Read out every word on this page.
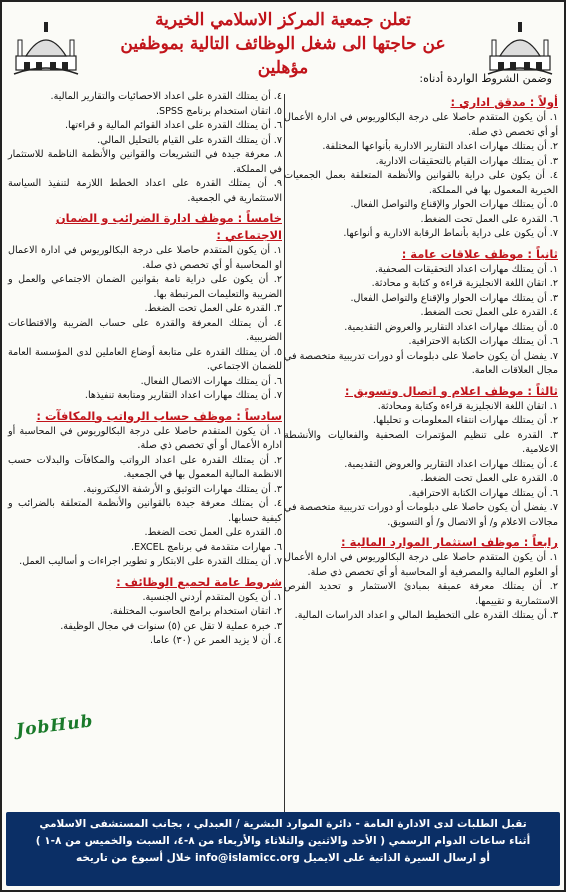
تعلن جمعية المركز الاسلامي الخيرية
عن حاجتها الى شغل الوظائف التالية بموظفين مؤهلين
وضمن الشروط الواردة أدناه:
أولاً : مدقق اداري :
١. أن يكون المتقدم حاصلا على درجة البكالوريوس في ادارة الأعمال أو أي تخصص ذي صلة.
٢. أن يمتلك مهارات اعداد التقارير الادارية بأنواعها المختلفة.
٣. أن يمتلك مهارات القيام بالتحقيقات الادارية.
٤. أن يكون على دراية بالقوانين والأنظمة المتعلقة بعمل الجمعيات الخيرية المعمول بها في المملكة.
٥. أن يمتلك مهارات الحوار والإقناع والتواصل الفعال.
٦. القدرة على العمل تحت الضغط.
٧. أن يكون على دراية بأنماط الرقابة الادارية و أنواعها.
ثانياً : موظف علاقات عامة :
١. أن يمتلك مهارات اعداد التحقيقات الصحفية.
٢. اتقان اللغة الانجليزية قراءة و كتابة و محادثة.
٣. أن يمتلك مهارات الحوار والإقناع والتواصل الفعال.
٤. القدرة على العمل تحت الضغط.
٥. أن يمتلك مهارات اعداد التقارير والعروض التقديمية.
٦. أن يمتلك مهارات الكتابة الاحترافية.
٧. يفضل أن يكون حاصلا على دبلومات أو دورات تدريبية متخصصة في مجال العلاقات العامة.
ثالثاً : موظف اعلام و اتصال وتسويق :
١. اتقان اللغة الانجليزية قراءة وكتابة ومحادثة.
٢. أن يمتلك مهارات انتقاء المعلومات و تحليلها.
٣. القدرة على تنظيم المؤتمرات الصحفية والفعاليات والأنشطة الاعلامية.
٤. أن يمتلك مهارات اعداد التقارير والعروض التقديمية.
٥. القدرة على العمل تحت الضغط.
٦. أن يمتلك مهارات الكتابة الاحترافية.
٧. يفضل أن يكون حاصلا على دبلومات أو دورات تدريبية متخصصة في مجالات الاعلام و/ أو الاتصال و/ أو التسويق.
رابعاً : موظف استثمار الموارد المالية :
١. أن يكون المتقدم حاصلا على درجة البكالوريوس في ادارة الأعمال أو العلوم المالية والمصرفية أو المحاسبة أو أي تخصص ذي صلة.
٢. أن يمتلك معرفة عميقة بمبادئ الاستثمار و تحديد الفرص الاستثمارية و تقييمها.
٣. أن يمتلك القدرة على التخطيط المالي و اعداد الدراسات المالية.
٤. أن يمتلك القدرة على اعداد الاحصائيات والتقارير المالية.
٥. اتقان استخدام برنامج SPSS.
٦. أن يمتلك القدرة على اعداد القوائم المالية و قراءتها.
٧. أن يمتلك القدرة على القيام بالتحليل المالي.
٨. معرفة جيدة في التشريعات والقوانين والأنظمة الناظمة للاستثمار في المملكة.
٩. أن يمتلك القدرة على اعداد الخطط اللازمة لتنفيذ السياسة الاستثمارية في الجمعية.
خامساً : موظف ادارة الضرائب و الضمان الاجتماعي :
١. أن يكون المتقدم حاصلا على درجة البكالوريوس في ادارة الاعمال او المحاسبة أو أي تخصص ذي صلة.
٢. أن يكون على دراية تامة بقوانين الضمان الاجتماعي والعمل و الضريبة والتعليمات المرتبطة بها.
٣. القدرة على العمل تحت الضغط.
٤. أن يمتلك المعرفة والقدرة على حساب الضريبة والاقتطاعات الضريبية.
٥. أن يمتلك القدرة على متابعة أوضاع العاملين لدى المؤسسة العامة للضمان الاجتماعي.
٦. أن يمتلك مهارات الاتصال الفعال.
٧. أن يمتلك مهارات اعداد التقارير ومتابعة تنفيذها.
سادساً : موظف حساب الرواتب والمكافآت :
١. أن يكون المتقدم حاصلا على درجة البكالوريوس في المحاسبة أو ادارة الأعمال أو أي تخصص ذي صلة.
٢. أن يمتلك القدرة على اعداد الرواتب والمكافآت والبدلات حسب الانظمة المالية المعمول بها في الجمعية.
٣. أن يمتلك مهارات التوثيق و الأرشفة الاليكترونية.
٤. أن يمتلك معرفة جيدة بالقوانين والأنظمة المتعلقة بالضرائب و كيفية حسابها.
٥. القدرة على العمل تحت الضغط.
٦. مهارات متقدمة في برنامج EXCEL.
٧. أن يمتلك القدرة على الابتكار و تطوير اجراءات و أساليب العمل.
شروط عامة لجميع الوظائف :
١. أن يكون المتقدم أردني الجنسية.
٢. اتقان استخدام برامج الحاسوب المختلفة.
٣. خبرة عملية لا تقل عن (٥) سنوات في مجال الوظيفة.
٤. أن لا يزيد العمر عن (٣٠) عاما.
JobHub
تقبل الطلبات لدى الادارة العامة - دائرة الموارد البشرية / العبدلي ، بجانب المستشفى الاسلامي
أثناء ساعات الدوام الرسمي ( الأحد والاثنين والثلاثاء والأربعاء من ٨-٤، السبت والخميس من ٨-١ )
أو ارسال السيرة الذاتية على الايميل info@islamicc.org خلال أسبوع من تاريخه
